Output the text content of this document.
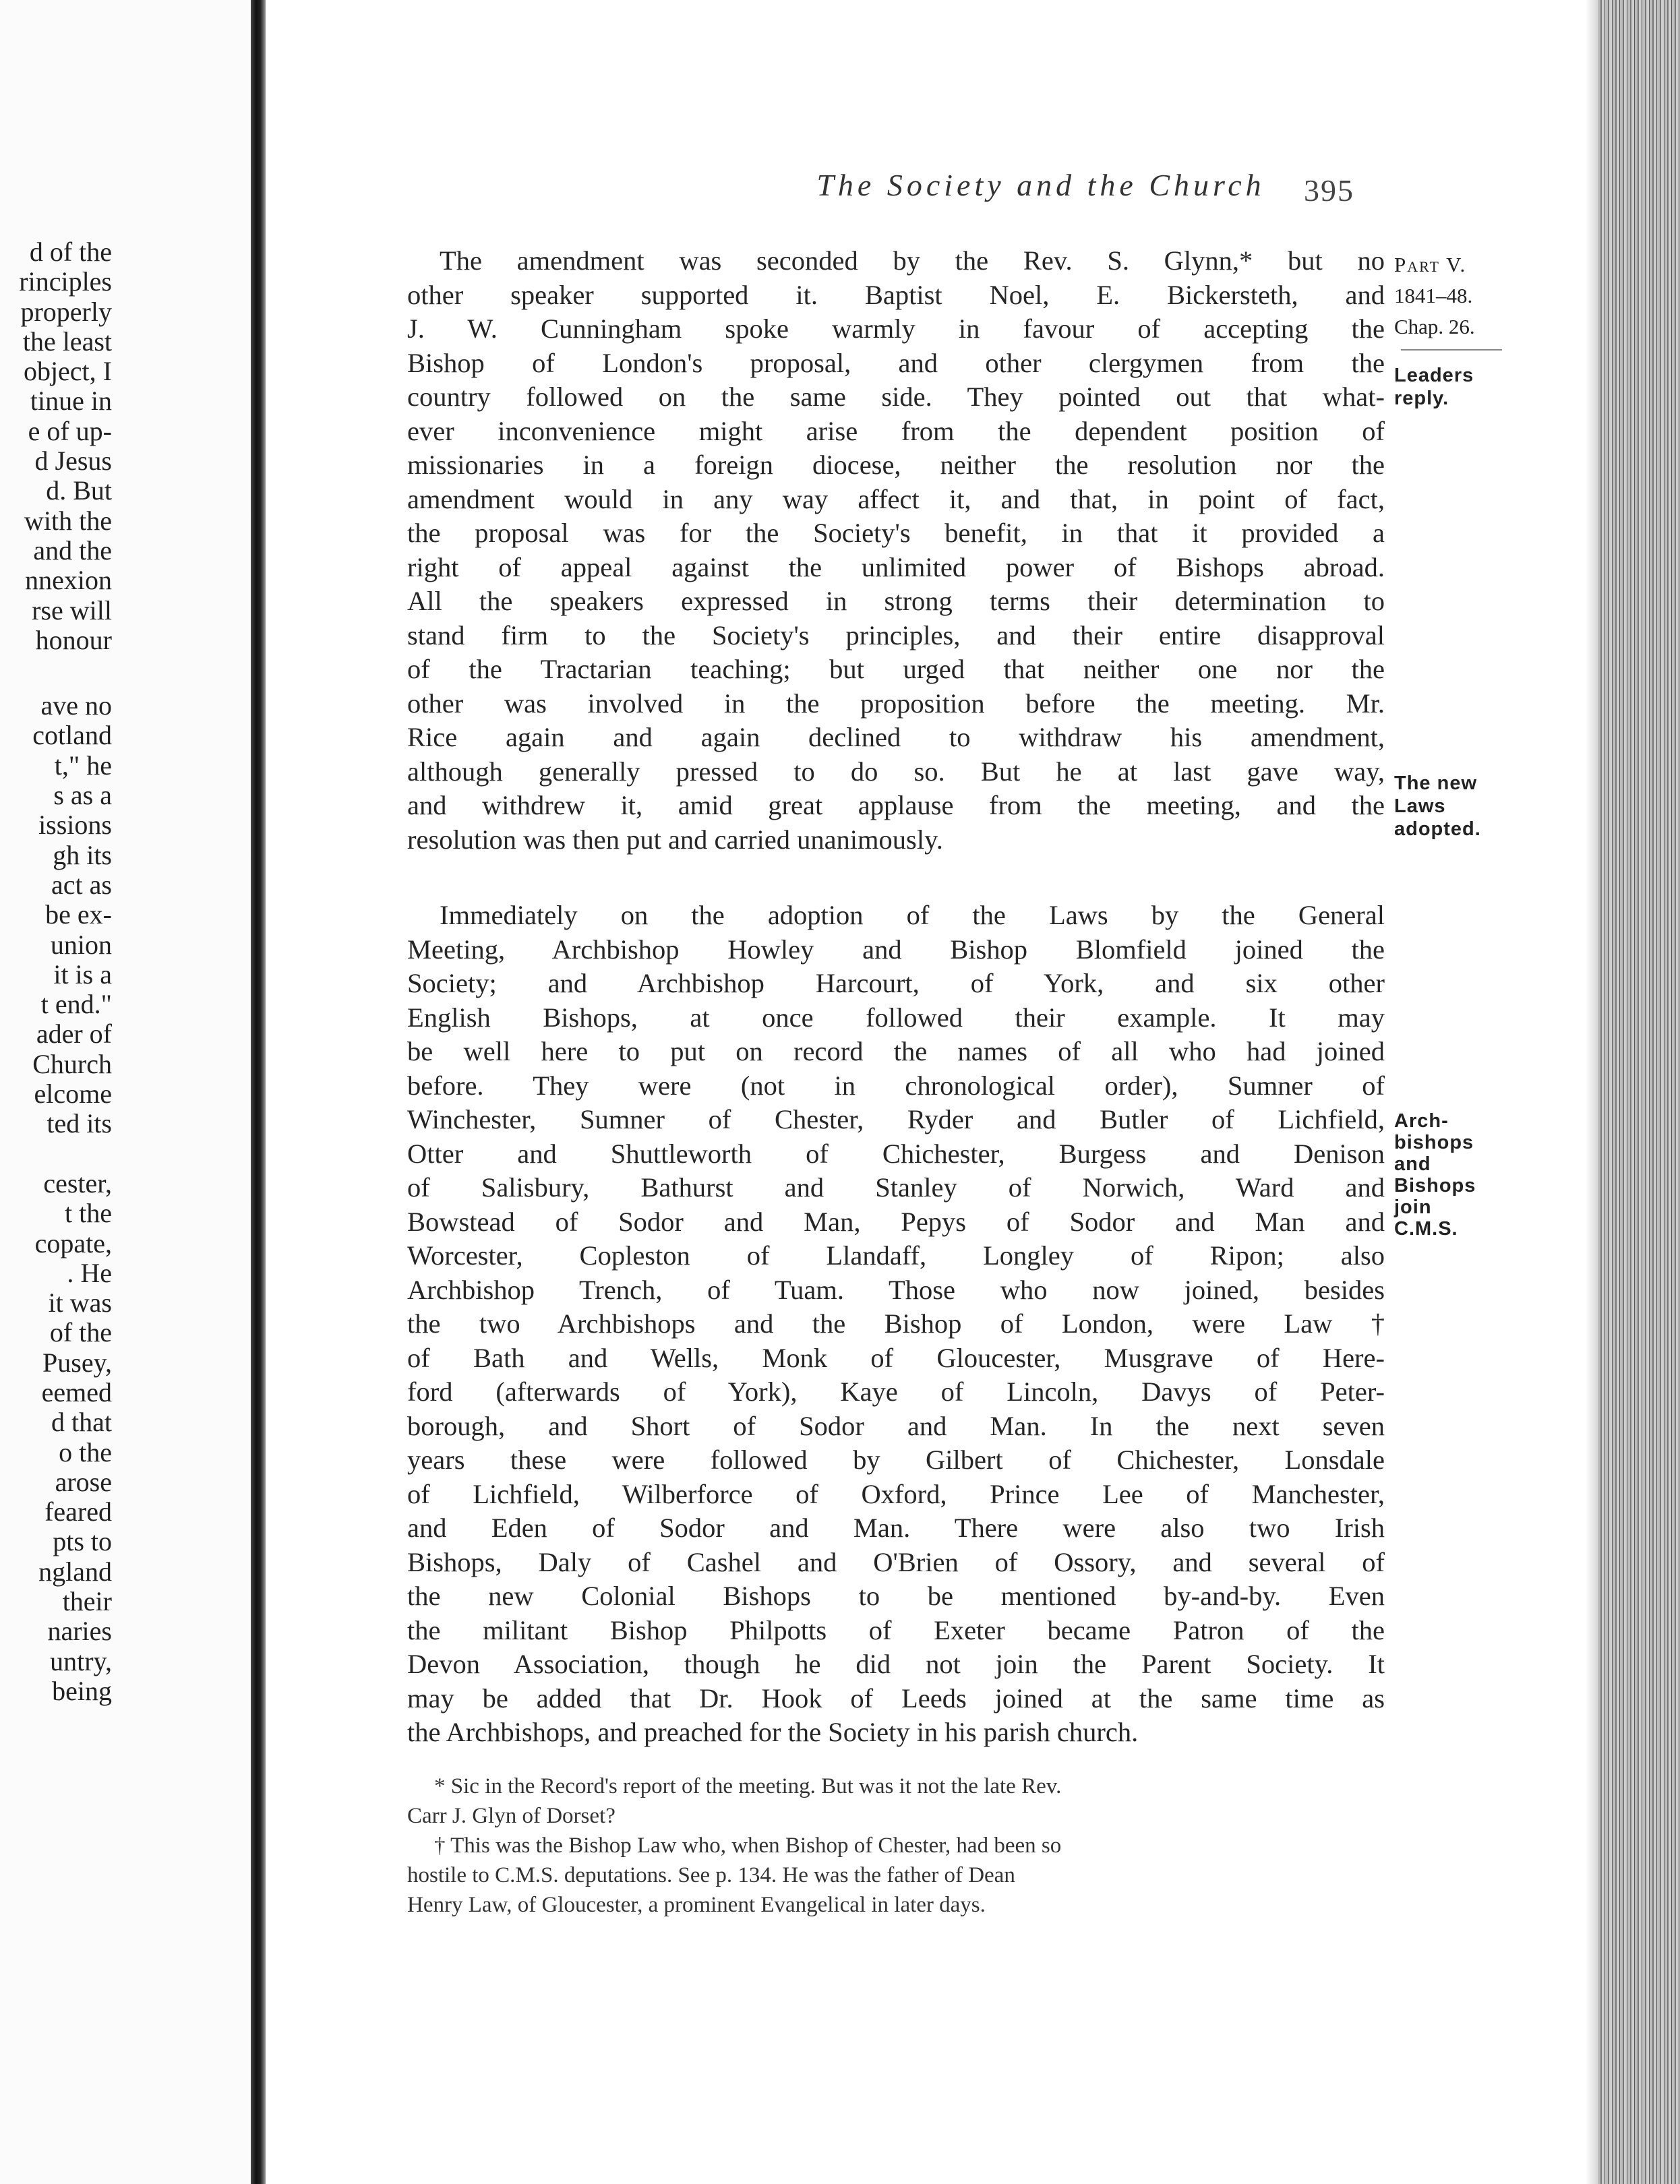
d of the
rinciples
properly
the least
object, I
tinue in
e of up-
d Jesus
d. But
with the
and the
nnexion
rse will
honour
ave no
cotland
t," he
s as a
issions
gh its
act as
be ex-
union
it is a
t end."
ader of
Church
elcome
ted its
cester,
t the
copate,
. He
it was
of the
Pusey,
eemed
d that
o the
arose
feared
pts to
ngland
their
naries
untry,
being
The Society and the Church	395
The amendment was seconded by the Rev. S. Glynn,* but no
other speaker supported it. Baptist Noel, E. Bickersteth, and
J. W. Cunningham spoke warmly in favour of accepting the
Bishop of London's proposal, and other clergymen from the
country followed on the same side. They pointed out that what-
ever inconvenience might arise from the dependent position of
missionaries in a foreign diocese, neither the resolution nor the
amendment would in any way affect it, and that, in point of fact,
the proposal was for the Society's benefit, in that it provided a
right of appeal against the unlimited power of Bishops abroad.
All the speakers expressed in strong terms their determination to
stand firm to the Society's principles, and their entire disapproval
of the Tractarian teaching; but urged that neither one nor the
other was involved in the proposition before the meeting. Mr.
Rice again and again declined to withdraw his amendment,
although generally pressed to do so. But he at last gave way,
and withdrew it, amid great applause from the meeting, and the
resolution was then put and carried unanimously.
Immediately on the adoption of the Laws by the General
Meeting, Archbishop Howley and Bishop Blomfield joined the
Society; and Archbishop Harcourt, of York, and six other
English Bishops, at once followed their example. It may
be well here to put on record the names of all who had joined
before. They were (not in chronological order), Sumner of
Winchester, Sumner of Chester, Ryder and Butler of Lichfield,
Otter and Shuttleworth of Chichester, Burgess and Denison
of Salisbury, Bathurst and Stanley of Norwich, Ward and
Bowstead of Sodor and Man, Pepys of Sodor and Man and
Worcester, Copleston of Llandaff, Longley of Ripon; also
Archbishop Trench, of Tuam. Those who now joined, besides
the two Archbishops and the Bishop of London, were Law †
of Bath and Wells, Monk of Gloucester, Musgrave of Here-
ford (afterwards of York), Kaye of Lincoln, Davys of Peter-
borough, and Short of Sodor and Man. In the next seven
years these were followed by Gilbert of Chichester, Lonsdale
of Lichfield, Wilberforce of Oxford, Prince Lee of Manchester,
and Eden of Sodor and Man. There were also two Irish
Bishops, Daly of Cashel and O'Brien of Ossory, and several of
the new Colonial Bishops to be mentioned by-and-by. Even
the militant Bishop Philpotts of Exeter became Patron of the
Devon Association, though he did not join the Parent Society. It
may be added that Dr. Hook of Leeds joined at the same time as
the Archbishops, and preached for the Society in his parish church.
Part V.
1841–48.
Chap. 26.
Leaders
reply.
The new
Laws
adopted.
Arch-
bishops
and
Bishops
join
C.M.S.
* Sic in the Record's report of the meeting. But was it not the late Rev.
Carr J. Glyn of Dorset?
† This was the Bishop Law who, when Bishop of Chester, had been so
hostile to C.M.S. deputations. See p. 134. He was the father of Dean
Henry Law, of Gloucester, a prominent Evangelical in later days.
